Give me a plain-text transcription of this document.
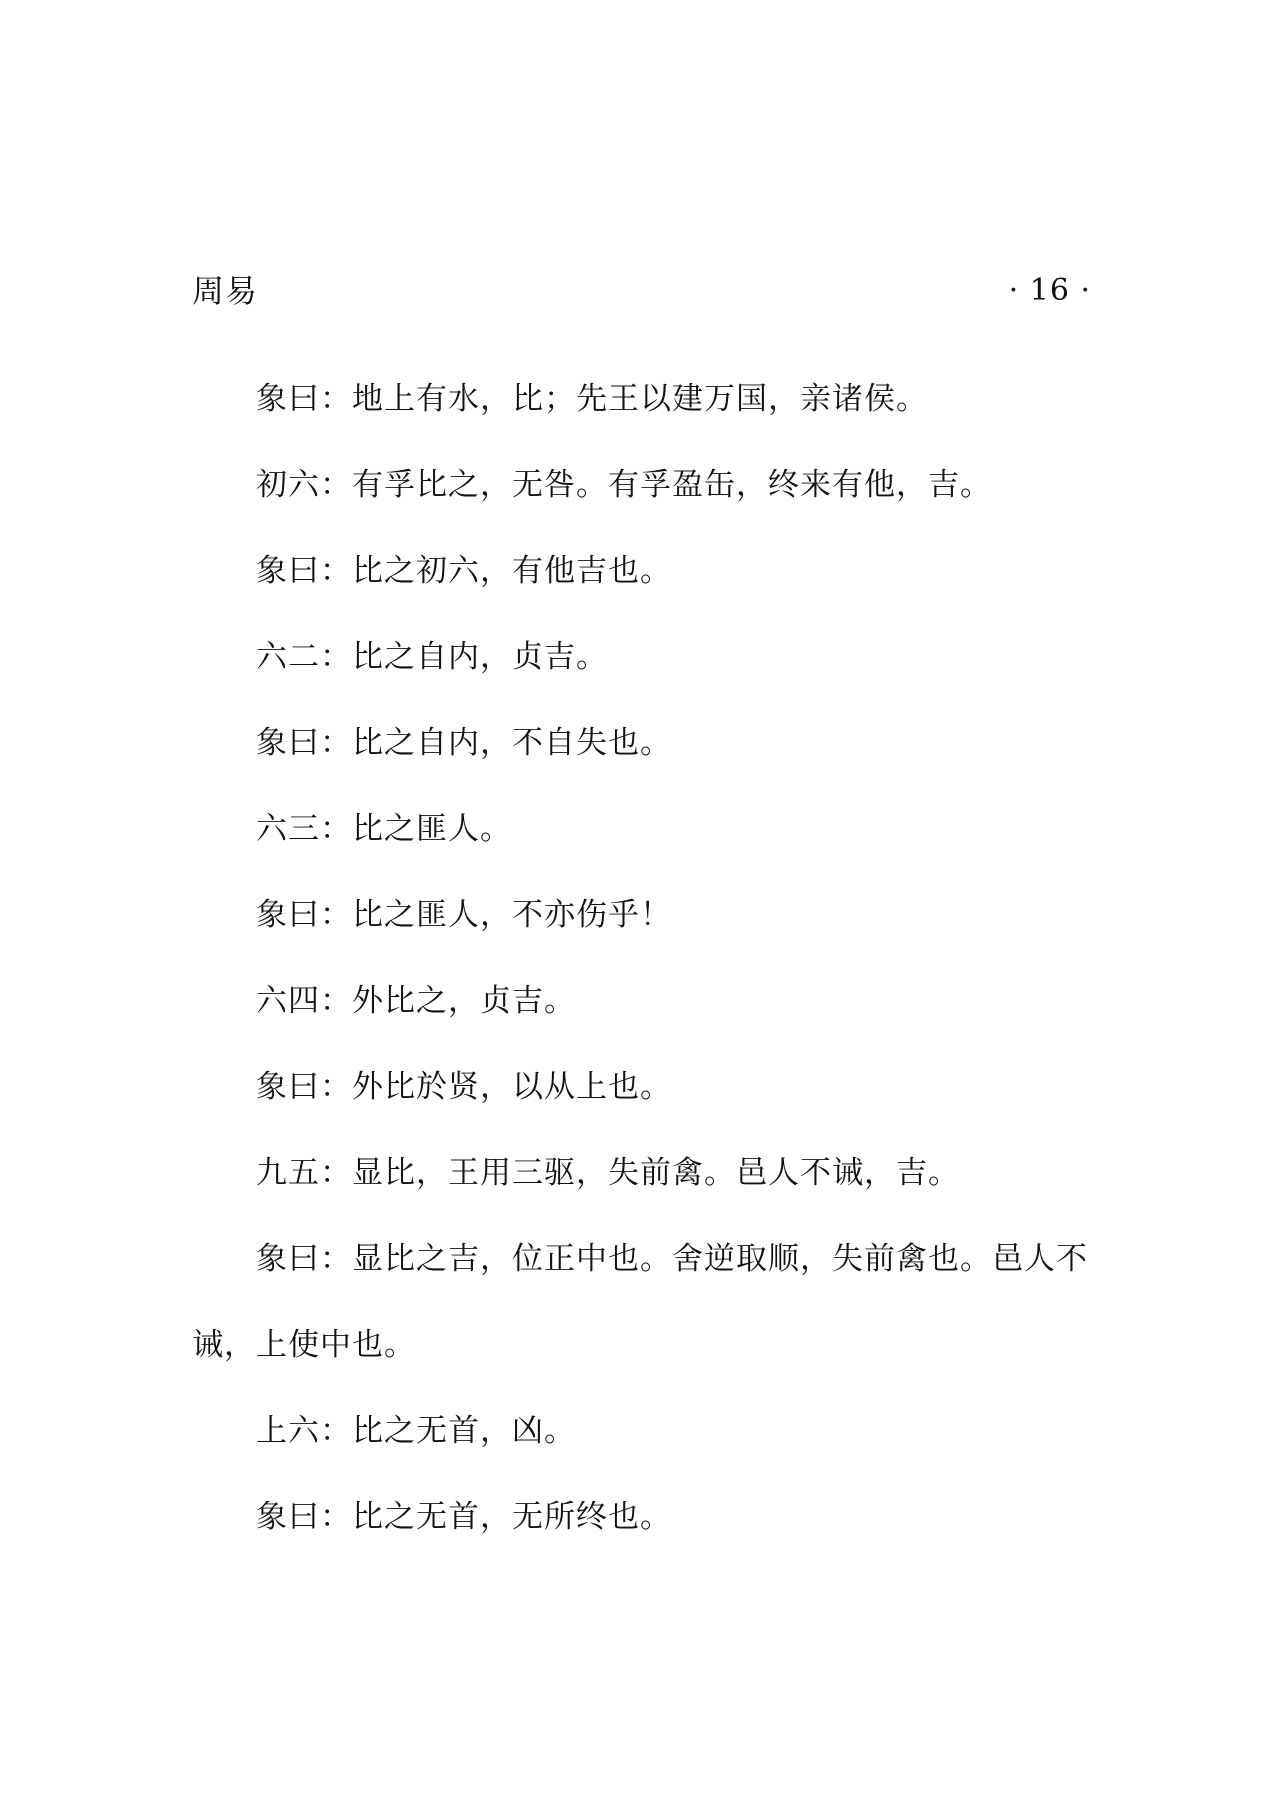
周易	· 16 ·

象曰：地上有水，比；先王以建万国，亲诸侯。

初六：有孚比之，无咎。有孚盈缶，终来有他，吉。

象曰：比之初六，有他吉也。

六二：比之自内，贞吉。

象曰：比之自内，不自失也。

六三：比之匪人。

象曰：比之匪人，不亦伤乎！

六四：外比之，贞吉。

象曰：外比於贤，以从上也。

九五：显比，王用三驱，失前禽。邑人不诫，吉。

象曰：显比之吉，位正中也。舍逆取顺，失前禽也。邑人不诫，上使中也。

上六：比之无首，凶。

象曰：比之无首，无所终也。
